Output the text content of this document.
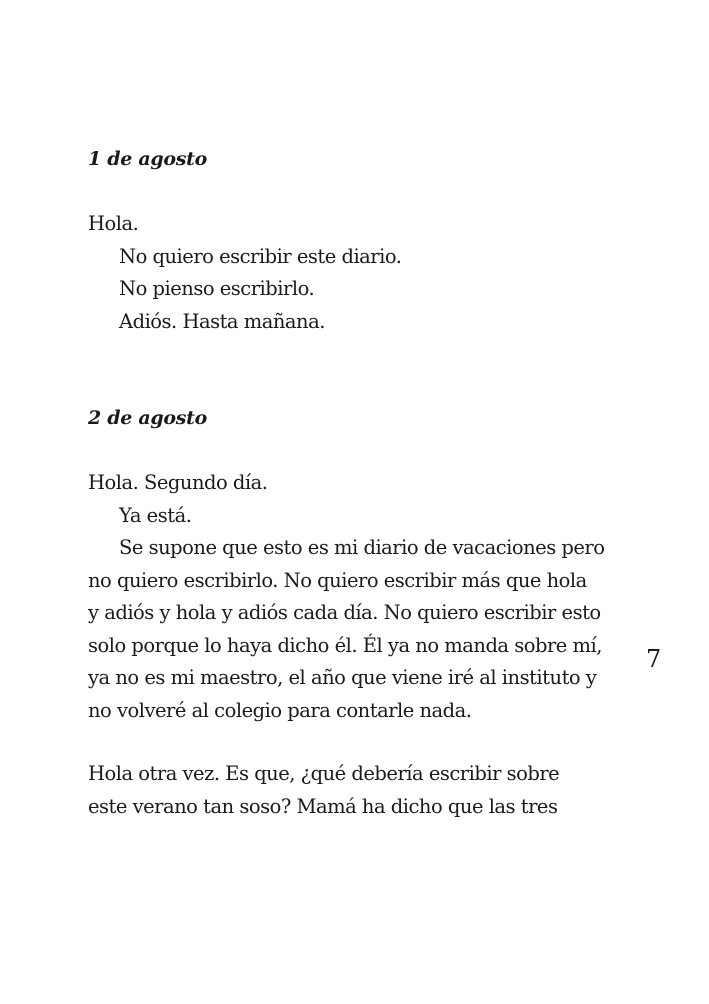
1 de agosto

Hola.

No quiero escribir este diario.

No pienso escribirlo.

Adiós. Hasta mañana.

2 de agosto

Hola. Segundo día.

Ya está.

Se supone que esto es mi diario de vacaciones pero

no quiero escribirlo. No quiero escribir más que hola

y adiós y hola y adiós cada día. No quiero escribir esto

solo porque lo haya dicho él. Él ya no manda sobre mí,

ya no es mi maestro, el año que viene iré al instituto y

no volveré al colegio para contarle nada.

Hola otra vez. Es que, ¿qué debería escribir sobre

este verano tan soso? Mamá ha dicho que las tres

7
